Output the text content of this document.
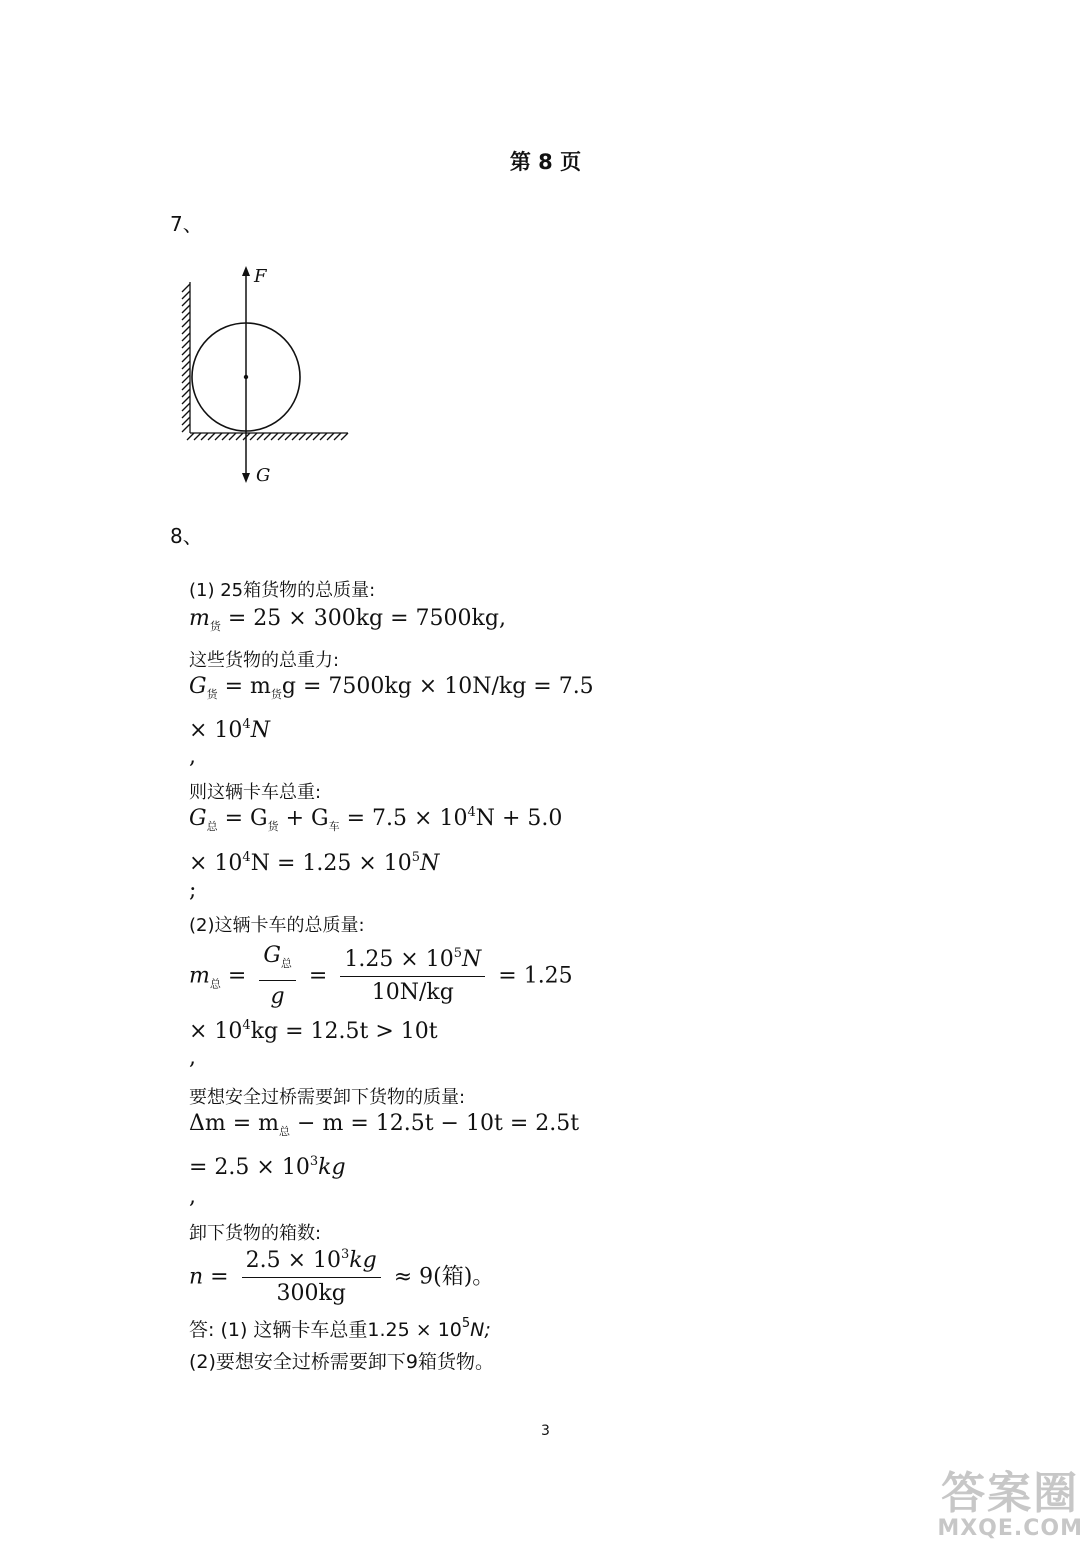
第 8 页
7、
F
G
8、
(1) 25箱货物的总质量:
$m_货 = 25 \times 300kg = 7500kg$,
这些货物的总重力:
$G_货 = m_货g = 7500kg \times 10N/kg = 7.5$
× $10^4N$
,
则这辆卡车总重:
$G_总 = G_货 + G_车 = 7.5 \times 10^4N + 5.0$
× $10^4N = 1.25 \times 10^5N$
;
(2)这辆卡车的总质量:
$m_总 = \frac{G_总}{g} = \frac{1.25 \times 10^5N}{10N/kg} = 1.25$
× $10^4kg = 12.5t > 10t$
,
要想安全过桥需要卸下货物的质量:
$\Delta m = m_总 - m = 12.5t - 10t = 2.5t$
= $2.5 \times 10^3kg$
,
卸下货物的箱数:
$n = \frac{2.5 \times 10^3kg}{300kg} \approx 9$(箱)。
答: (1) 这辆卡车总重$1.25 \times 10^5N$;
(2)要想安全过桥需要卸下9箱货物。
3
答案圈
MXQE.COM
